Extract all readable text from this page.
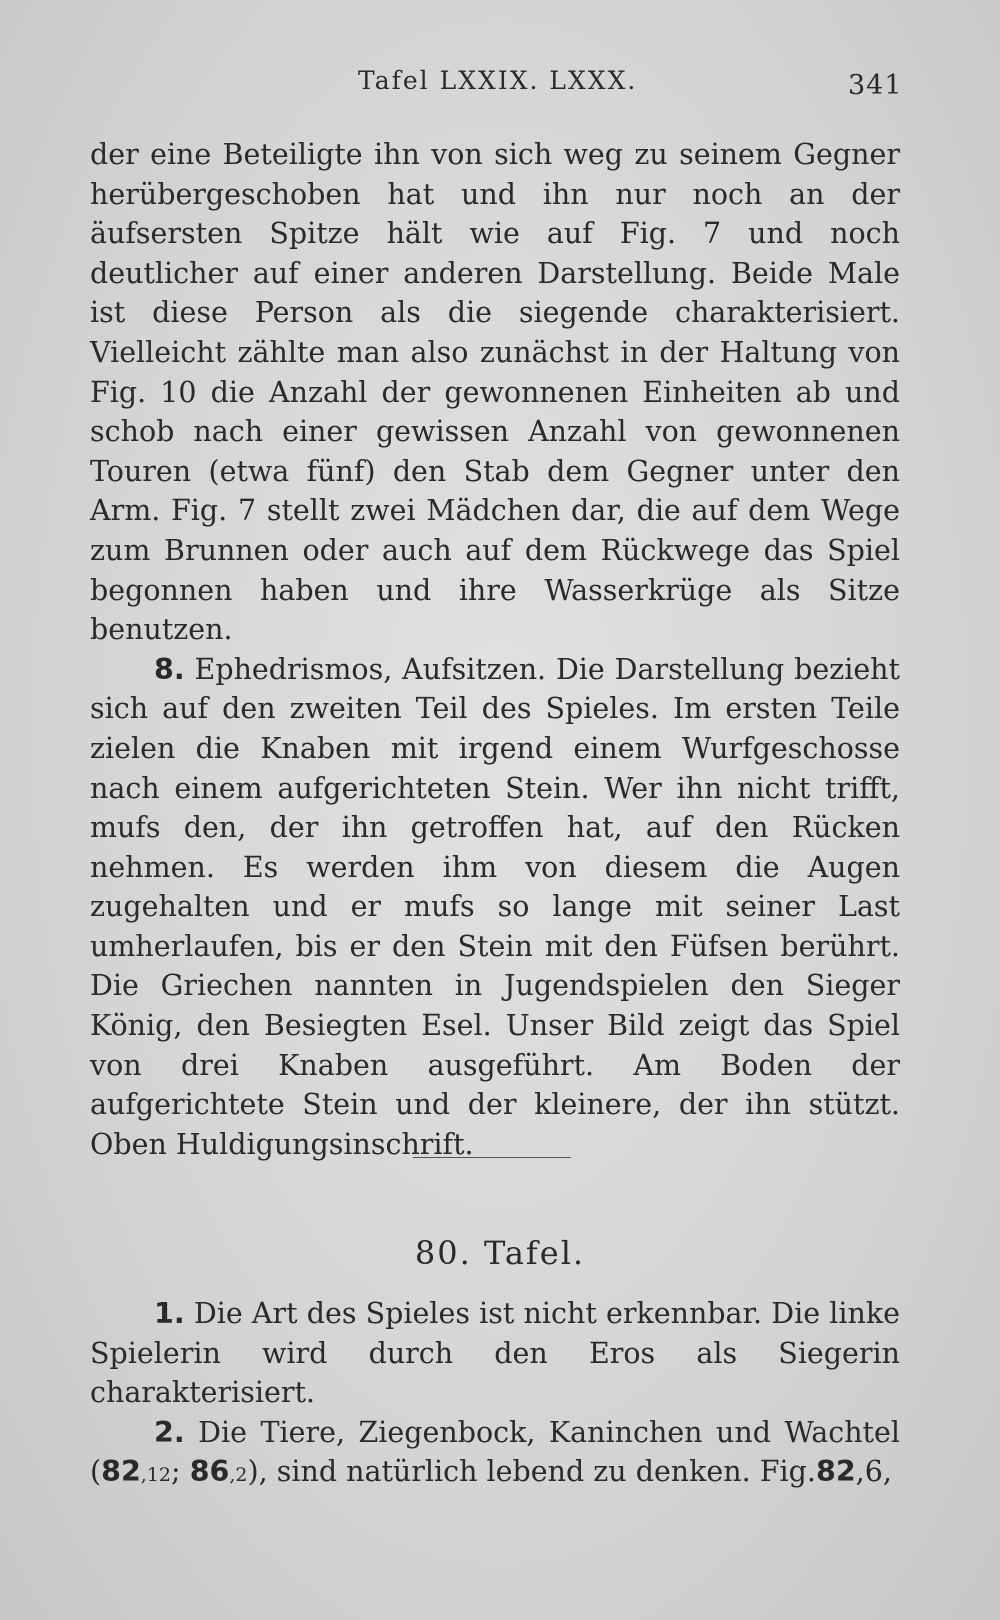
Tafel LXXIX. LXXX.	341

der eine Beteiligte ihn von sich weg zu seinem Gegner herübergeschoben hat und ihn nur noch an der äufsersten Spitze hält wie auf Fig. 7 und noch deutlicher auf einer anderen Darstellung. Beide Male ist diese Person als die siegende charakterisiert. Vielleicht zählte man also zunächst in der Haltung von Fig. 10 die Anzahl der gewonnenen Einheiten ab und schob nach einer gewissen Anzahl von gewonnenen Touren (etwa fünf) den Stab dem Gegner unter den Arm. Fig. 7 stellt zwei Mädchen dar, die auf dem Wege zum Brunnen oder auch auf dem Rückwege das Spiel begonnen haben und ihre Wasserkrüge als Sitze benutzen.

8. Ephedrismos, Aufsitzen. Die Darstellung bezieht sich auf den zweiten Teil des Spieles. Im ersten Teile zielen die Knaben mit irgend einem Wurfgeschosse nach einem aufgerichteten Stein. Wer ihn nicht trifft, mufs den, der ihn getroffen hat, auf den Rücken nehmen. Es werden ihm von diesem die Augen zugehalten und er mufs so lange mit seiner Last umherlaufen, bis er den Stein mit den Füfsen berührt. Die Griechen nannten in Jugendspielen den Sieger König, den Besiegten Esel. Unser Bild zeigt das Spiel von drei Knaben ausgeführt. Am Boden der aufgerichtete Stein und der kleinere, der ihn stützt. Oben Huldigungsinschrift.

80. Tafel.

1. Die Art des Spieles ist nicht erkennbar. Die linke Spielerin wird durch den Eros als Siegerin charakterisiert.

2. Die Tiere, Ziegenbock, Kaninchen und Wachtel (82,12; 86,2), sind natürlich lebend zu denken. Fig.82,6,
